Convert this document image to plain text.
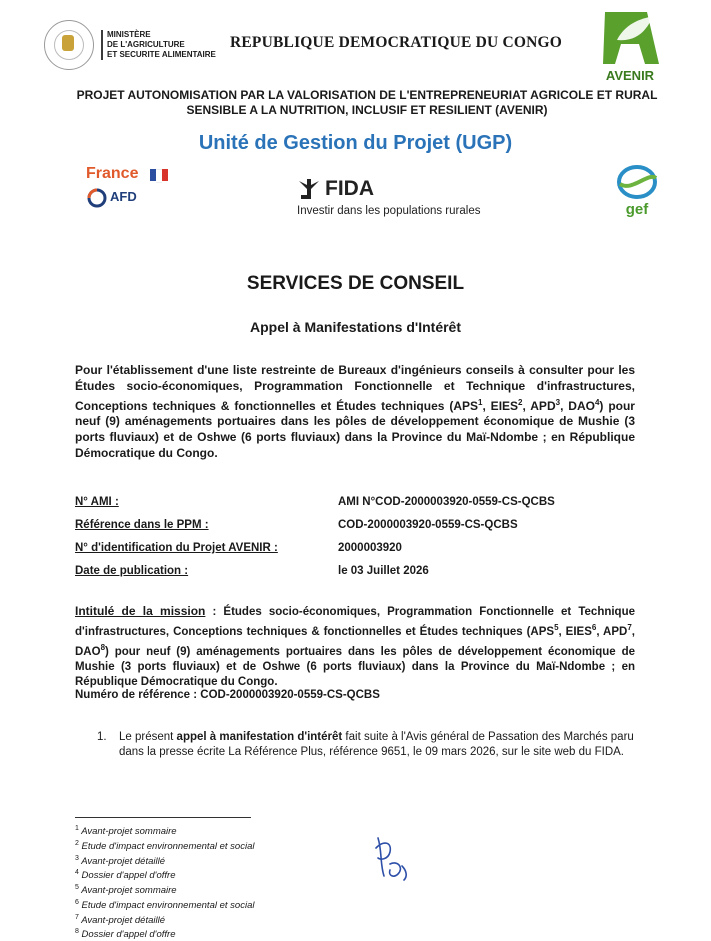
MINISTÈRE
DE L'AGRICULTURE
ET SECURITE ALIMENTAIRE
REPUBLIQUE DEMOCRATIQUE DU CONGO
AVENIR
PROJET AUTONOMISATION PAR LA VALORISATION DE L'ENTREPRENEURIAT AGRICOLE ET RURAL
SENSIBLE A LA NUTRITION, INCLUSIF ET RESILIENT (AVENIR)
Unité de Gestion du Projet (UGP)
France
AFD	FIDA
Investir dans les populations rurales	gef
SERVICES DE CONSEIL
Appel à Manifestations d'Intérêt
Pour l'établissement d'une liste restreinte de Bureaux d'ingénieurs conseils à consulter pour les Études socio-économiques, Programmation Fonctionnelle et Technique d'infrastructures, Conceptions techniques & fonctionnelles et Études techniques (APS$^1$, EIES$^2$, APD$^3$, DAO$^4$) pour neuf (9) aménagements portuaires dans les pôles de développement économique de Mushie (3 ports fluviaux) et de Oshwe (6 ports fluviaux) dans la Province du Maï-Ndombe ; en République Démocratique du Congo.
N° AMI :	AMI N°COD-2000003920-0559-CS-QCBS
Référence dans le PPM :	COD-2000003920-0559-CS-QCBS
N° d'identification du Projet AVENIR :	2000003920
Date de publication :	le 03 Juillet 2026
Intitulé de la mission : Études socio-économiques, Programmation Fonctionnelle et Technique d'infrastructures, Conceptions techniques & fonctionnelles et Études techniques (APS$^5$, EIES$^6$, APD$^7$, DAO$^8$) pour neuf (9) aménagements portuaires dans les pôles de développement économique de Mushie (3 ports fluviaux) et de Oshwe (6 ports fluviaux) dans la Province du Maï-Ndombe ; en République Démocratique du Congo.
Numéro de référence : COD-2000003920-0559-CS-QCBS
1. Le présent appel à manifestation d'intérêt fait suite à l'Avis général de Passation des Marchés paru dans la presse écrite La Référence Plus, référence 9651, le 09 mars 2026, sur le site web du FIDA.
$^1$ Avant-projet sommaire
$^2$ Etude d'impact environnemental et social
$^3$ Avant-projet détaillé
$^4$ Dossier d'appel d'offre
$^5$ Avant-projet sommaire
$^6$ Etude d'impact environnemental et social
$^7$ Avant-projet détaillé
$^8$ Dossier d'appel d'offre
